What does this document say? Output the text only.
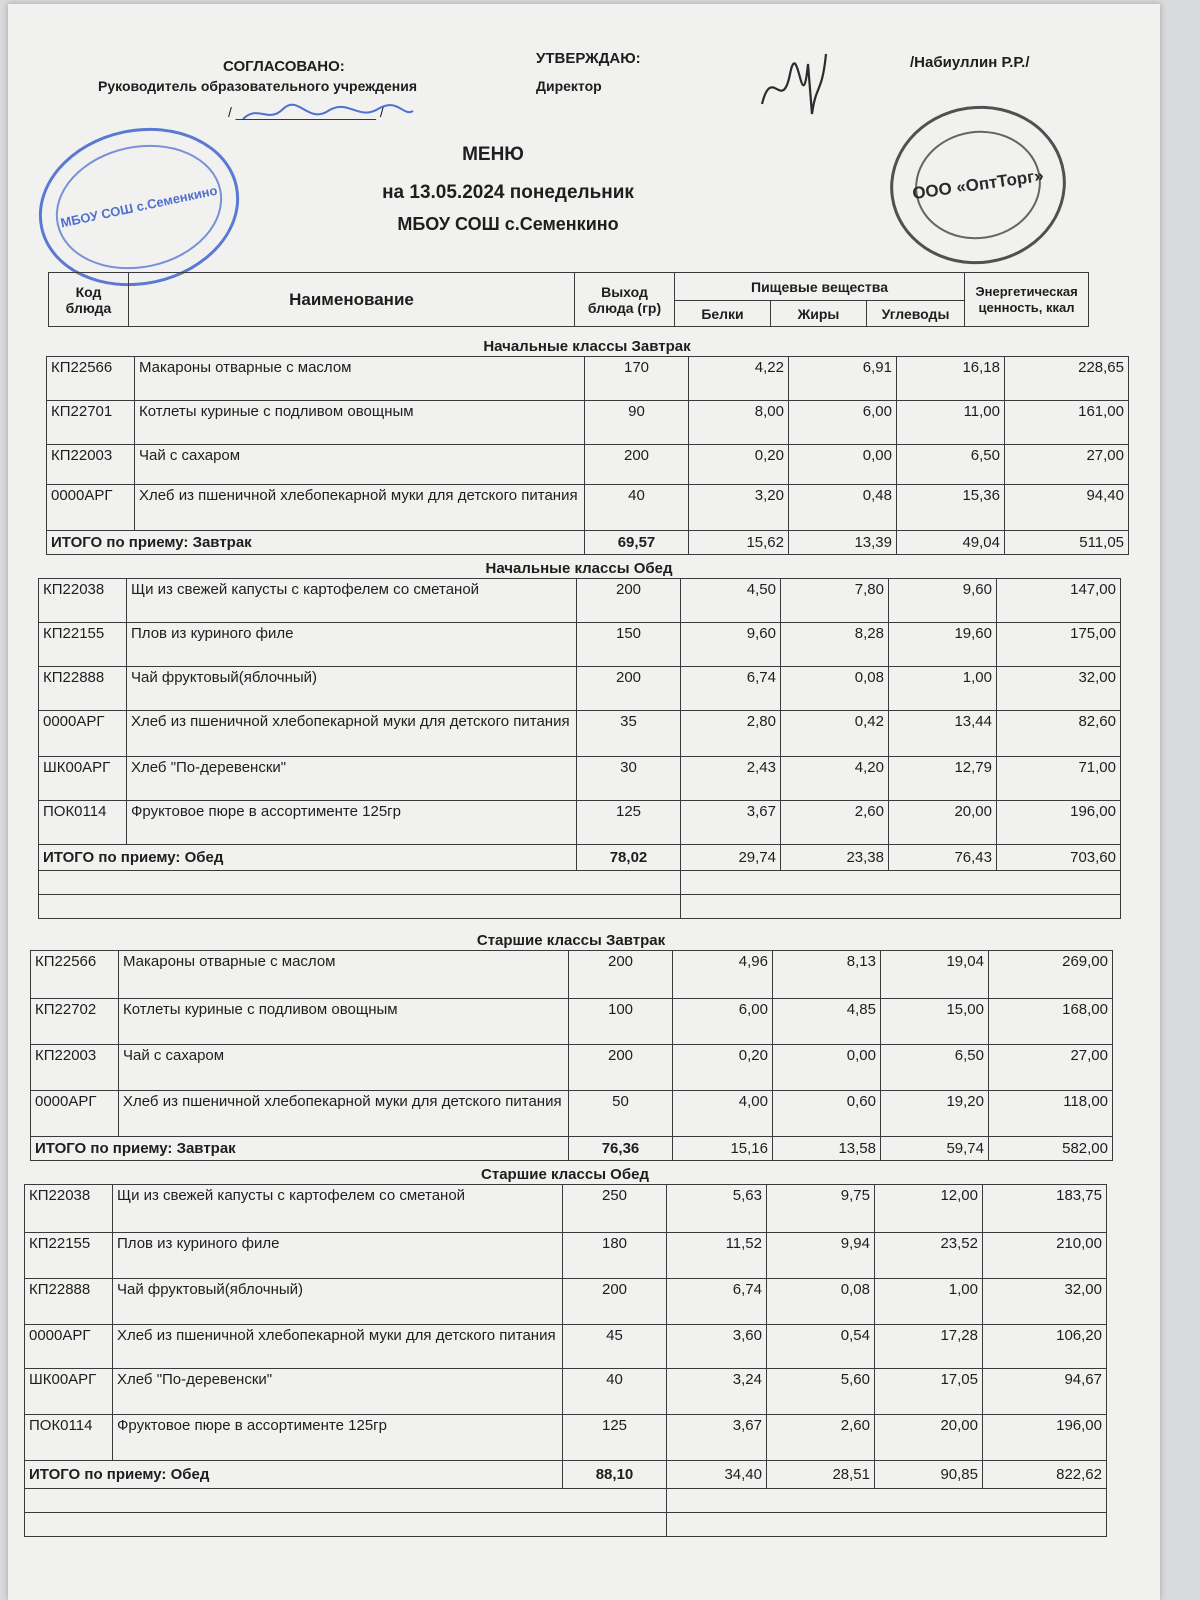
СОГЛАСОВАНО:
Руководитель образовательного учреждения
/ __________________ /
УТВЕРЖДАЮ:
Директор
/Набиуллин Р.Р./
МБОУ СОШ с.Семенкино	ООО «ОптТорг»
МЕНЮ
на 13.05.2024 понедельник
МБОУ СОШ с.Семенкино
Код блюда	Наименование	Выход блюда (гр)	Пищевые вещества			Энергетическая ценность, ккал
			Белки	Жиры	Углеводы	
Начальные классы Завтрак
КП22566	Макароны отварные с маслом	170	4,22	6,91	16,18	228,65
КП22701	Котлеты куриные с подливом овощным	90	8,00	6,00	11,00	161,00
КП22003	Чай с сахаром	200	0,20	0,00	6,50	27,00
0000АРГ	Хлеб из пшеничной хлебопекарной муки для детского питания	40	3,20	0,48	15,36	94,40
ИТОГО по приему: Завтрак		69,57	15,62	13,39	49,04	511,05
Начальные классы Обед
КП22038	Щи из свежей капусты с картофелем со сметаной	200	4,50	7,80	9,60	147,00
КП22155	Плов из куриного филе	150	9,60	8,28	19,60	175,00
КП22888	Чай фруктовый(яблочный)	200	6,74	0,08	1,00	32,00
0000АРГ	Хлеб из пшеничной хлебопекарной муки для детского питания	35	2,80	0,42	13,44	82,60
ШК00АРГ	Хлеб "По-деревенски"	30	2,43	4,20	12,79	71,00
ПОК0114	Фруктовое пюре в ассортименте 125гр	125	3,67	2,60	20,00	196,00
ИТОГО по приему: Обед		78,02	29,74	23,38	76,43	703,60

Старшие классы Завтрак
КП22566	Макароны отварные с маслом	200	4,96	8,13	19,04	269,00
КП22702	Котлеты куриные с подливом овощным	100	6,00	4,85	15,00	168,00
КП22003	Чай с сахаром	200	0,20	0,00	6,50	27,00
0000АРГ	Хлеб из пшеничной хлебопекарной муки для детского питания	50	4,00	0,60	19,20	118,00
ИТОГО по приему: Завтрак		76,36	15,16	13,58	59,74	582,00
Старшие классы Обед
КП22038	Щи из свежей капусты с картофелем со сметаной	250	5,63	9,75	12,00	183,75
КП22155	Плов из куриного филе	180	11,52	9,94	23,52	210,00
КП22888	Чай фруктовый(яблочный)	200	6,74	0,08	1,00	32,00
0000АРГ	Хлеб из пшеничной хлебопекарной муки для детского питания	45	3,60	0,54	17,28	106,20
ШК00АРГ	Хлеб "По-деревенски"	40	3,24	5,60	17,05	94,67
ПОК0114	Фруктовое пюре в ассортименте 125гр	125	3,67	2,60	20,00	196,00
ИТОГО по приему: Обед		88,10	34,40	28,51	90,85	822,62
